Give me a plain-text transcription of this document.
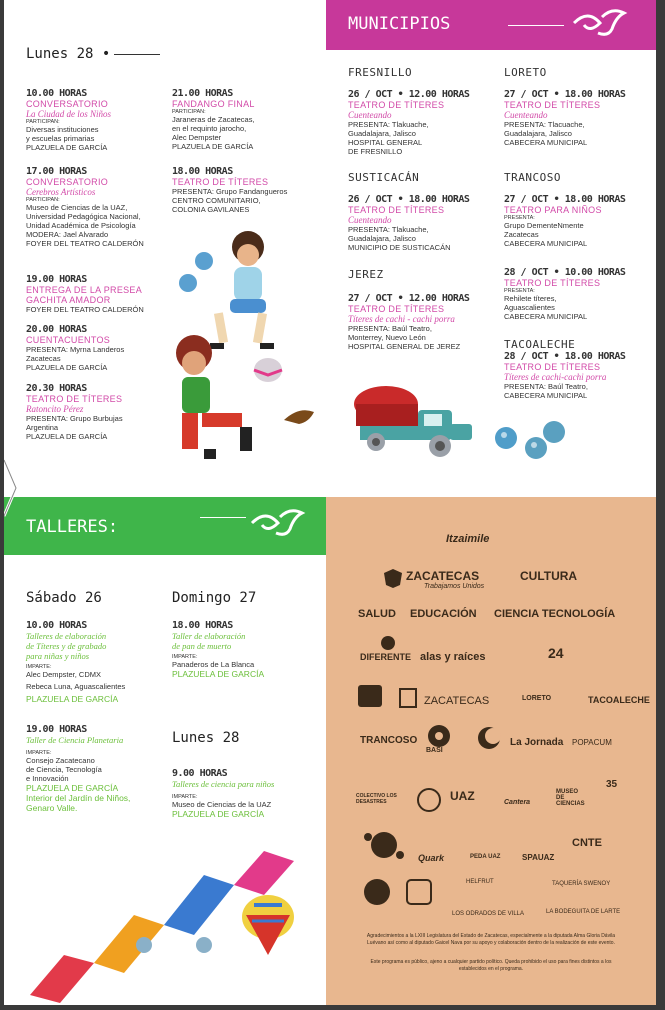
Lunes 28 •
10.00 HORAS
CONVERSATORIO
La Ciudad de los Niños
PARTICIPAN:
Diversas instituciones
y escuelas primarias
PLAZUELA DE GARCÍA
21.00 HORAS
FANDANGO FINAL
PARTICIPAN:
Jaraneras de Zacatecas,
en el requinto jarocho,
Alec Dempster
PLAZUELA DE GARCÍA
17.00 HORAS
CONVERSATORIO
Cerebros Artísticos
PARTICIPAN:
Museo de Ciencias de la UAZ,
Universidad Pedagógica Nacional,
Unidad Académica de Psicología
MODERA: Jael Alvarado
FOYER DEL TEATRO CALDERÓN
18.00 HORAS
TEATRO DE TÍTERES
PRESENTA: Grupo Fandangueros
CENTRO COMUNITARIO,
COLONIA GAVILANES
19.00 HORAS
ENTREGA DE LA PRESEA
GACHITA AMADOR
FOYER DEL TEATRO CALDERÓN
20.00 HORAS
CUENTACUENTOS
PRESENTA: Myrna Landeros
Zacatecas
PLAZUELA DE GARCÍA
20.30 HORAS
TEATRO DE TÍTERES
Ratoncito Pérez
PRESENTA: Grupo Burbujas
Argentina
PLAZUELA DE GARCÍA
MUNICIPIOS
FRESNILLO
26 / OCT • 12.00 HORAS
TEATRO DE TÍTERES
Cuenteando
PRESENTA: Tlakuache,
Guadalajara, Jalisco
HOSPITAL GENERAL
DE FRESNILLO
LORETO
27 / OCT • 18.00 HORAS
TEATRO DE TÍTERES
Cuenteando
PRESENTA: Tlacuache,
Guadalajara, Jalisco
CABECERA MUNICIPAL
SUSTICACÁN
26 / OCT • 18.00 HORAS
TEATRO DE TÍTERES
Cuenteando
PRESENTA: Tlakuache,
Guadalajara, Jalisco
MUNICIPIO DE SUSTICACÁN
TRANCOSO
27 / OCT • 18.00 HORAS
TEATRO PARA NIÑOS
PRESENTA:
Grupo DementeNmente
Zacatecas
CABECERA MUNICIPAL
JEREZ
27 / OCT • 12.00 HORAS
TEATRO DE TÍTERES
Títeres de cachi - cachi porra
PRESENTA: Baúl Teatro,
Monterrey, Nuevo León
HOSPITAL GENERAL DE JEREZ
28 / OCT • 10.00 HORAS
TEATRO DE TÍTERES
PRESENTA:
Rehilete títeres,
Aguascalientes
CABECERA MUNICIPAL
TACOALECHE
28 / OCT • 18.00 HORAS
TEATRO DE TÍTERES
Títeres de cachi-cachi porra
PRESENTA: Baúl Teatro,
CABECERA MUNICIPAL
TALLERES:
Sábado 26	Domingo 27
10.00 HORAS
Talleres de elaboración
de Títeres y de grabado
para niñas y niños
IMPARTE:
Alec Dempster, CDMX
Rebeca Luna, Aguascalientes
PLAZUELA DE GARCÍA
19.00 HORAS
Taller de Ciencia Planetaria
IMPARTE:
Consejo Zacatecano
de Ciencia, Tecnología
e Innovación
PLAZUELA DE GARCÍA
Interior del Jardín de Niños,
Genaro Valle.
18.00 HORAS
Taller de elaboración
de pan de muerto
IMPARTE:
Panaderos de La Blanca
PLAZUELA DE GARCÍA
Lunes 28
9.00 HORAS
Talleres de ciencia para niños
IMPARTE:
Museo de Ciencias de la UAZ
PLAZUELA DE GARCÍA
Itzaimile
ZACATECAS
Trabajamos Unidos
CULTURA
SALUD EDUCACIÓN CIENCIA TECNOLOGÍA
DIFERENTE alas y raíces	24
ZACATECAS	LORETO	TACOALECHE
TRANCOSO
BASI
La Jornada POPACUM
COLECTIVO LOS DESASTRES	UAZ	Cantera
MUSEO DE CIENCIAS
35
Quark	PEDA UAZ	SPAUAZ
CNTE
HELFRUT	TAQUERÍA SWENOY
LOS ODRADOS DE VILLA	LA BODEGUITA DE LARTE
Agradecimientos a la LXIII Legislatura del Estado de Zacatecas, especialmente a la diputada Alma Gloria Dávila Luévano así como al diputado Gaicel Nava por su apoyo y colaboración dentro de la realización de este evento.
Este programa es público, ajeno a cualquier partido político. Queda prohibido el uso para fines distintos a los establecidos en el programa.
